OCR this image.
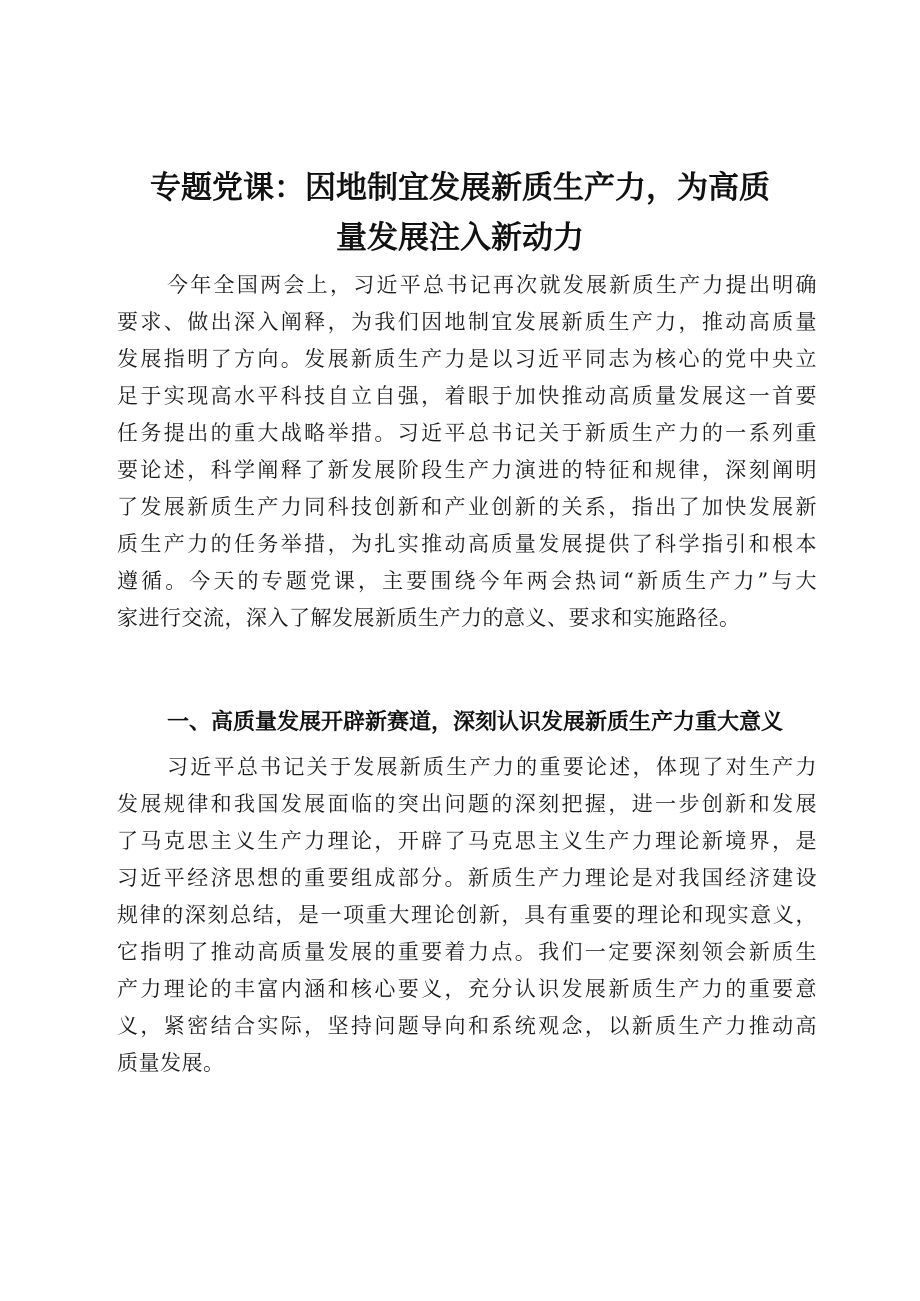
专题党课：因地制宜发展新质生产力，为高质
量发展注入新动力
今年全国两会上，习近平总书记再次就发展新质生产力提出明确
要求、做出深入阐释，为我们因地制宜发展新质生产力，推动高质量
发展指明了方向。发展新质生产力是以习近平同志为核心的党中央立
足于实现高水平科技自立自强，着眼于加快推动高质量发展这一首要
任务提出的重大战略举措。习近平总书记关于新质生产力的一系列重
要论述，科学阐释了新发展阶段生产力演进的特征和规律，深刻阐明
了发展新质生产力同科技创新和产业创新的关系，指出了加快发展新
质生产力的任务举措，为扎实推动高质量发展提供了科学指引和根本
遵循。今天的专题党课，主要围绕今年两会热词“新质生产力”与大
家进行交流，深入了解发展新质生产力的意义、要求和实施路径。
一、高质量发展开辟新赛道，深刻认识发展新质生产力重大意义
习近平总书记关于发展新质生产力的重要论述，体现了对生产力
发展规律和我国发展面临的突出问题的深刻把握，进一步创新和发展
了马克思主义生产力理论，开辟了马克思主义生产力理论新境界，是
习近平经济思想的重要组成部分。新质生产力理论是对我国经济建设
规律的深刻总结，是一项重大理论创新，具有重要的理论和现实意义，
它指明了推动高质量发展的重要着力点。我们一定要深刻领会新质生
产力理论的丰富内涵和核心要义，充分认识发展新质生产力的重要意
义，紧密结合实际，坚持问题导向和系统观念，以新质生产力推动高
质量发展。
